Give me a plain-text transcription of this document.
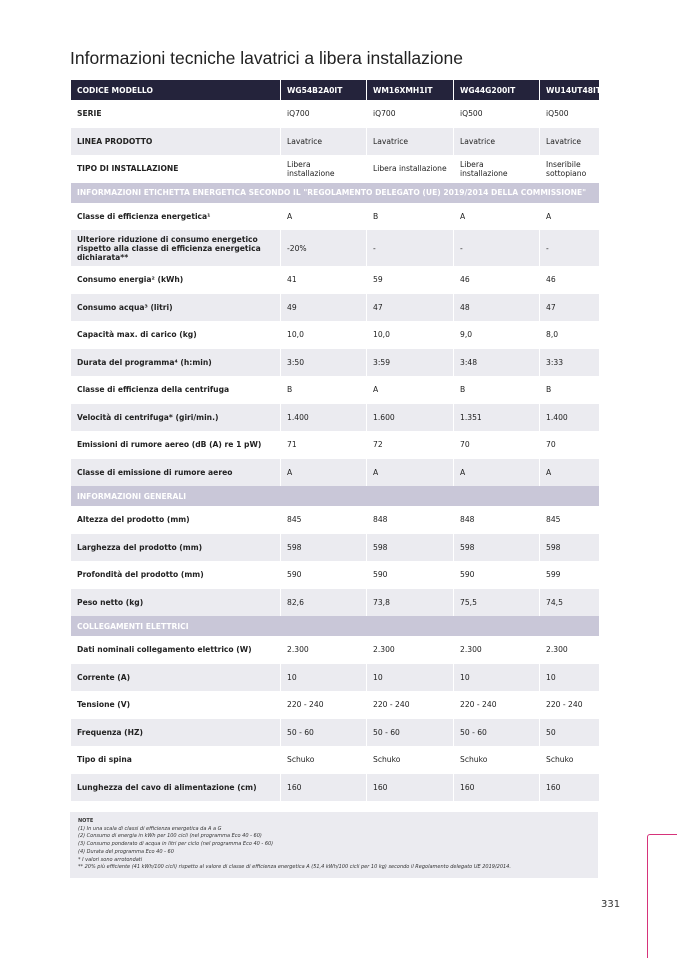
Informazioni tecniche lavatrici a libera installazione
CODICE MODELLO	WG54B2A0IT	WM16XMH1IT	WG44G200IT	WU14UT48IT
SERIE	iQ700	iQ700	iQ500	iQ500
LINEA PRODOTTO	Lavatrice	Lavatrice	Lavatrice	Lavatrice
TIPO DI INSTALLAZIONE	Libera installazione	Libera installazione	Libera installazione	Inseribile sottopiano
INFORMAZIONI ETICHETTA ENERGETICA SECONDO IL "REGOLAMENTO DELEGATO (UE) 2019/2014 DELLA COMMISSIONE"				
Classe di efficienza energetica¹	A	B	A	A
Ulteriore riduzione di consumo energetico rispetto alla classe di efficienza energetica dichiarata**	-20%	-	-	-
Consumo energia² (kWh)	41	59	46	46
Consumo acqua³ (litri)	49	47	48	47
Capacità max. di carico (kg)	10,0	10,0	9,0	8,0
Durata del programma⁴ (h:min)	3:50	3:59	3:48	3:33
Classe di efficienza della centrifuga	B	A	B	B
Velocità di centrifuga* (giri/min.)	1.400	1.600	1.351	1.400
Emissioni di rumore aereo (dB (A) re 1 pW)	71	72	70	70
Classe di emissione di rumore aereo	A	A	A	A
INFORMAZIONI GENERALI				
Altezza del prodotto (mm)	845	848	848	845
Larghezza del prodotto (mm)	598	598	598	598
Profondità del prodotto (mm)	590	590	590	599
Peso netto (kg)	82,6	73,8	75,5	74,5
COLLEGAMENTI ELETTRICI				
Dati nominali collegamento elettrico (W)	2.300	2.300	2.300	2.300
Corrente (A)	10	10	10	10
Tensione (V)	220 - 240	220 - 240	220 - 240	220 - 240
Frequenza (HZ)	50 - 60	50 - 60	50 - 60	50
Tipo di spina	Schuko	Schuko	Schuko	Schuko
Lunghezza del cavo di alimentazione (cm)	160	160	160	160
NOTE
(1) In una scala di classi di efficienza energetica da A a G
(2) Consumo di energia in kWh per 100 cicli (nel programma Eco 40 - 60)
(3) Consumo ponderato di acqua in litri per ciclo (nel programma Eco 40 - 60)
(4) Durata del programma Eco 40 - 60
* I valori sono arrotondati
** 20% più efficiente (41 kWh/100 cicli) rispetto al valore di classe di efficienza energetica A (51,4 kWh/100 cicli per 10 kg) secondo il Regolamento delegato UE 2019/2014.
331
